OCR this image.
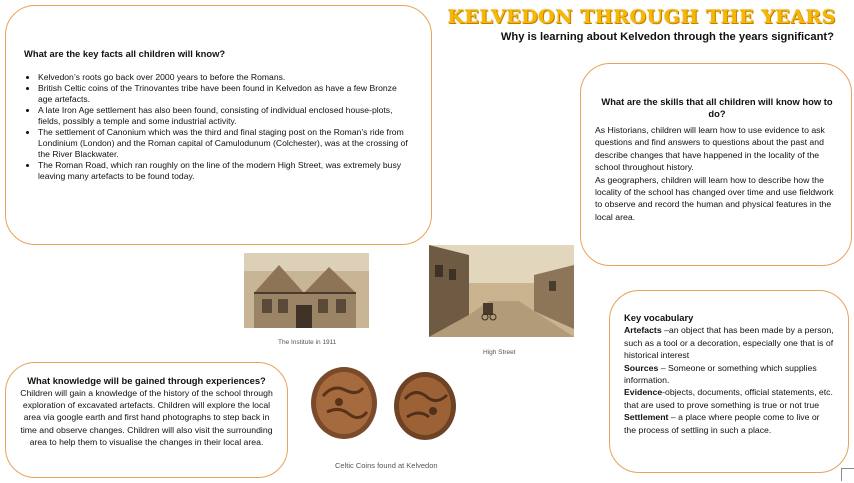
KELVEDON THROUGH THE YEARS
Why is learning about Kelvedon through the years significant?
What are the key facts all children will know?
• Kelvedon’s roots go back over 2000 years to before the Romans.
• British Celtic coins of the Trinovantes tribe have been found in Kelvedon as have a few Bronze age artefacts.
• A late Iron Age settlement has also been found, consisting of individual enclosed house-plots, fields, possibly a temple and some industrial activity.
• The settlement of Canonium which was the third and final staging post on the Roman’s ride from Londinium (London) and the Roman capital of Camulodunum (Colchester), was at the crossing of the River Blackwater.
• The Roman Road, which ran roughly on the line of the modern High Street, was extremely busy leaving many artefacts to be found today.
What are the skills that all children will know how to do?
As Historians, children will learn how to use evidence to ask questions and find answers to questions about the past and describe changes that have happened in the locality of the school throughout history.
As geographers, children will learn how to describe how the locality of the school has changed over time and use fieldwork to observe and record the human and physical features in the local area.
The Institute in 1911
High Street
Celtic Coins found at Kelvedon
What knowledge will be gained through experiences?
Children will gain a knowledge of the history of the school through exploration of excavated artefacts. Children will explore the local area via google earth and first hand photographs to step back in time and observe changes. Children will also visit the surrounding area to help them to visualise the changes in their local area.
Key vocabulary
Artefacts –an object that has been made by a person, such as a tool or a decoration, especially one that is of historical interest
Sources – Someone or something which supplies information.
Evidence-objects, documents, official statements, etc. that are used to prove something is true or not true
Settlement – a place where people come to live or the process of settling in such a place.
